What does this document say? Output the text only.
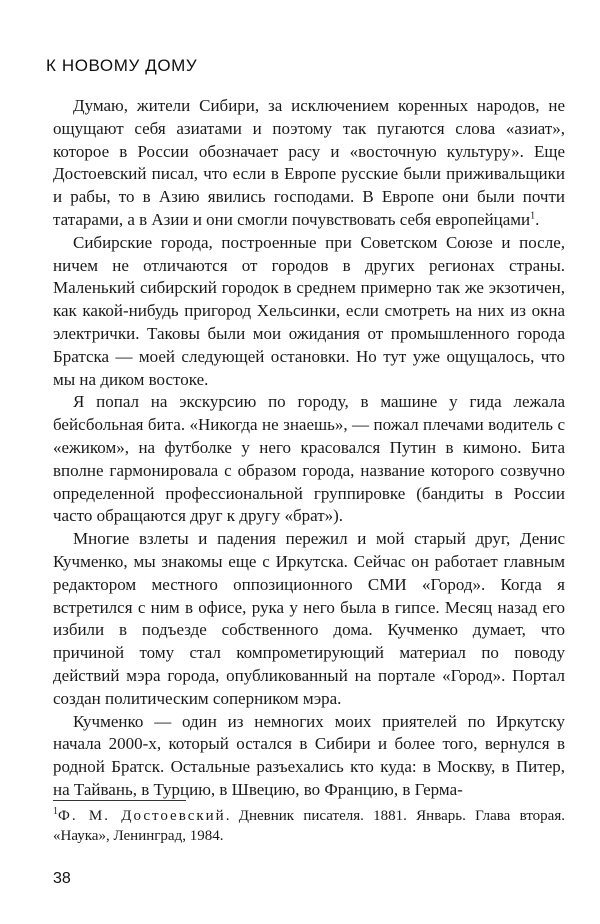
К НОВОМУ ДОМУ

Думаю, жители Сибири, за исключением коренных народов, не ощущают себя азиатами и поэтому так пугаются слова «азиат», которое в России обозначает расу и «восточную культуру». Еще Достоевский писал, что если в Европе русские были приживальщики и рабы, то в Азию явились господами. В Европе они были почти татарами, а в Азии и они смогли почувствовать себя европейцами$^1$.

Сибирские города, построенные при Советском Союзе и после, ничем не отличаются от городов в других регионах страны. Маленький сибирский городок в среднем примерно так же экзотичен, как какой-нибудь пригород Хельсинки, если смотреть на них из окна электрички. Таковы были мои ожидания от промышленного города Братска — моей следующей остановки. Но тут уже ощущалось, что мы на диком востоке.

Я попал на экскурсию по городу, в машине у гида лежала бейсбольная бита. «Никогда не знаешь», — пожал плечами водитель с «ежиком», на футболке у него красовался Путин в кимоно. Бита вполне гармонировала с образом города, название которого созвучно определенной профессиональной группировке (бандиты в России часто обращаются друг к другу «брат»).

Многие взлеты и падения пережил и мой старый друг, Денис Кучменко, мы знакомы еще с Иркутска. Сейчас он работает главным редактором местного оппозиционного СМИ «Город». Когда я встретился с ним в офисе, рука у него была в гипсе. Месяц назад его избили в подъезде собственного дома. Кучменко думает, что причиной тому стал компрометирующий материал по поводу действий мэра города, опубликованный на портале «Город». Портал создан политическим соперником мэра.

Кучменко — один из немногих моих приятелей по Иркутску начала 2000-х, который остался в Сибири и более того, вернулся в родной Братск. Остальные разъехались кто куда: в Москву, в Питер, на Тайвань, в Турцию, в Швецию, во Францию, в Герма-

$^1$Ф. М. Достоевский. Дневник писателя. 1881. Январь. Глава вторая. «Наука», Ленинград, 1984.
38
